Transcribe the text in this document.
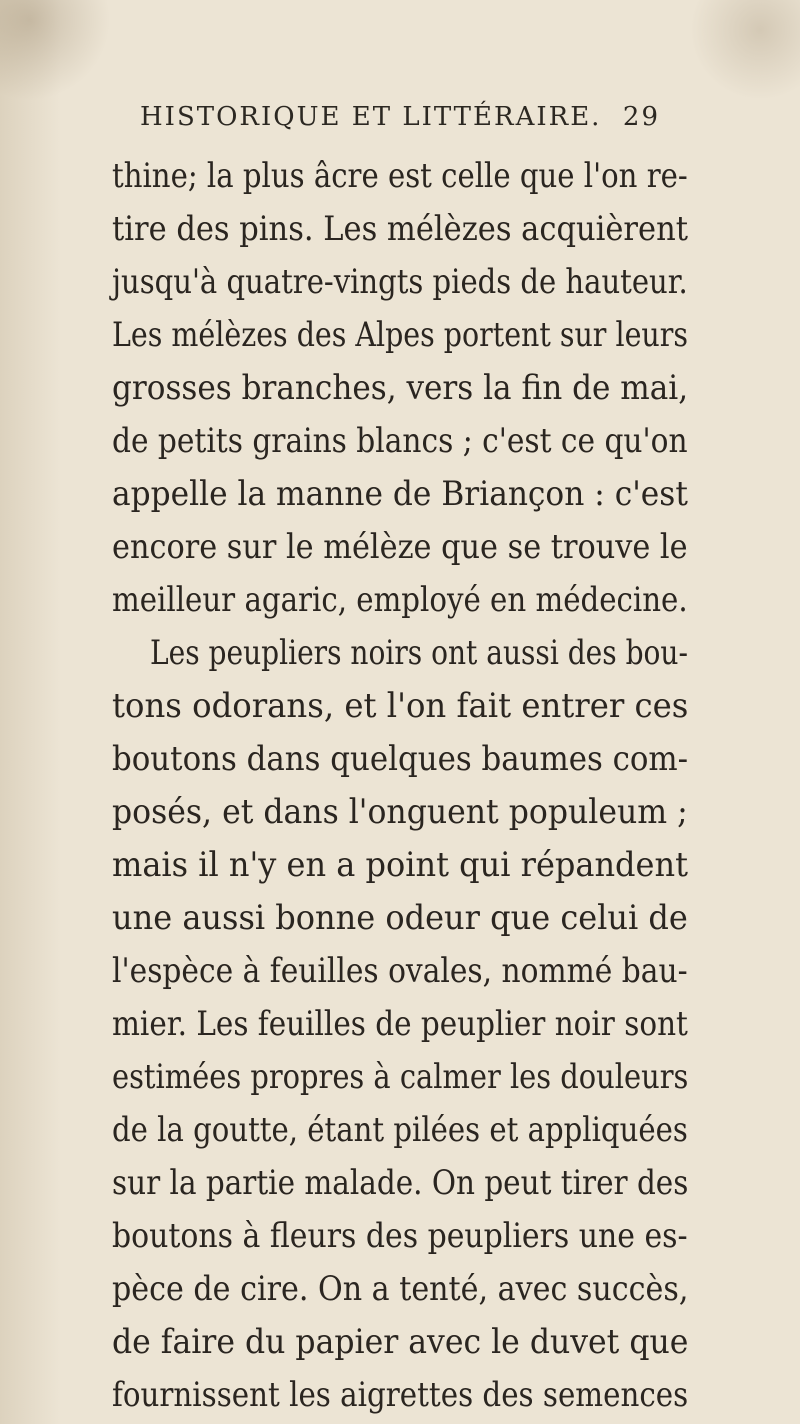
HISTORIQUE ET LITTÉRAIRE. 29
thine; la plus âcre est celle que l'on re-
tire des pins. Les mélèzes acquièrent
jusqu'à quatre-vingts pieds de hauteur.
Les mélèzes des Alpes portent sur leurs
grosses branches, vers la fin de mai,
de petits grains blancs ; c'est ce qu'on
appelle la manne de Briançon : c'est
encore sur le mélèze que se trouve le
meilleur agaric, employé en médecine.
Les peupliers noirs ont aussi des bou-
tons odorans, et l'on fait entrer ces
boutons dans quelques baumes com-
posés, et dans l'onguent populeum ;
mais il n'y en a point qui répandent
une aussi bonne odeur que celui de
l'espèce à feuilles ovales, nommé bau-
mier. Les feuilles de peuplier noir sont
estimées propres à calmer les douleurs
de la goutte, étant pilées et appliquées
sur la partie malade. On peut tirer des
boutons à fleurs des peupliers une es-
pèce de cire. On a tenté, avec succès,
de faire du papier avec le duvet que
fournissent les aigrettes des semences
